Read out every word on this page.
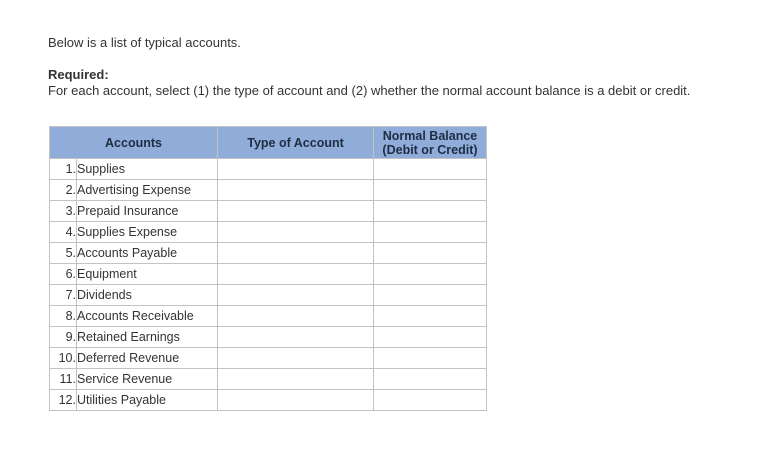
Below is a list of typical accounts.
Required:
For each account, select (1) the type of account and (2) whether the normal account balance is a debit or credit.
Accounts		Type of Account	Normal Balance
(Debit or Credit)

1.	Supplies		
2.	Advertising Expense		
3.	Prepaid Insurance		
4.	Supplies Expense		
5.	Accounts Payable		
6.	Equipment		
7.	Dividends		
8.	Accounts Receivable		
9.	Retained Earnings		
10.	Deferred Revenue		
11.	Service Revenue		
12.	Utilities Payable		
